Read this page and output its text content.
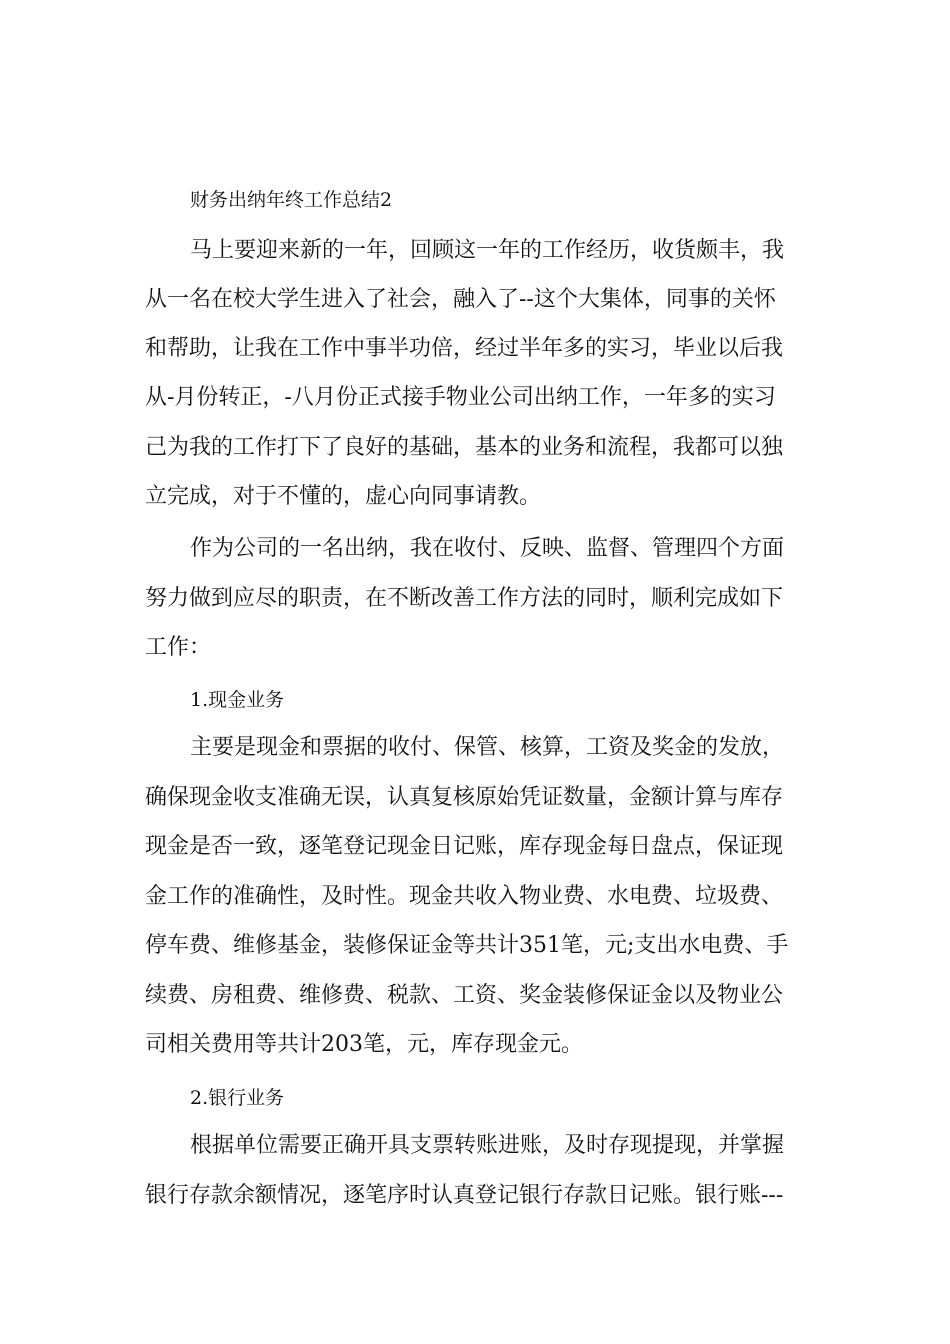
财务出纳年终工作总结2
马上要迎来新的一年，回顾这一年的工作经历，收货颇丰，我
从一名在校大学生进入了社会，融入了--这个大集体，同事的关怀
和帮助，让我在工作中事半功倍，经过半年多的实习，毕业以后我
从-月份转正，-八月份正式接手物业公司出纳工作，一年多的实习
己为我的工作打下了良好的基础，基本的业务和流程，我都可以独
立完成，对于不懂的，虚心向同事请教。
作为公司的一名出纳，我在收付、反映、监督、管理四个方面
努力做到应尽的职责，在不断改善工作方法的同时，顺利完成如下
工作：
1.现金业务
主要是现金和票据的收付、保管、核算，工资及奖金的发放，
确保现金收支准确无误，认真复核原始凭证数量，金额计算与库存
现金是否一致，逐笔登记现金日记账，库存现金每日盘点，保证现
金工作的准确性，及时性。现金共收入物业费、水电费、垃圾费、
停车费、维修基金，装修保证金等共计351笔，元;支出水电费、手
续费、房租费、维修费、税款、工资、奖金装修保证金以及物业公
司相关费用等共计203笔，元，库存现金元。
2.银行业务
根据单位需要正确开具支票转账进账，及时存现提现，并掌握
银行存款余额情况，逐笔序时认真登记银行存款日记账。银行账---
